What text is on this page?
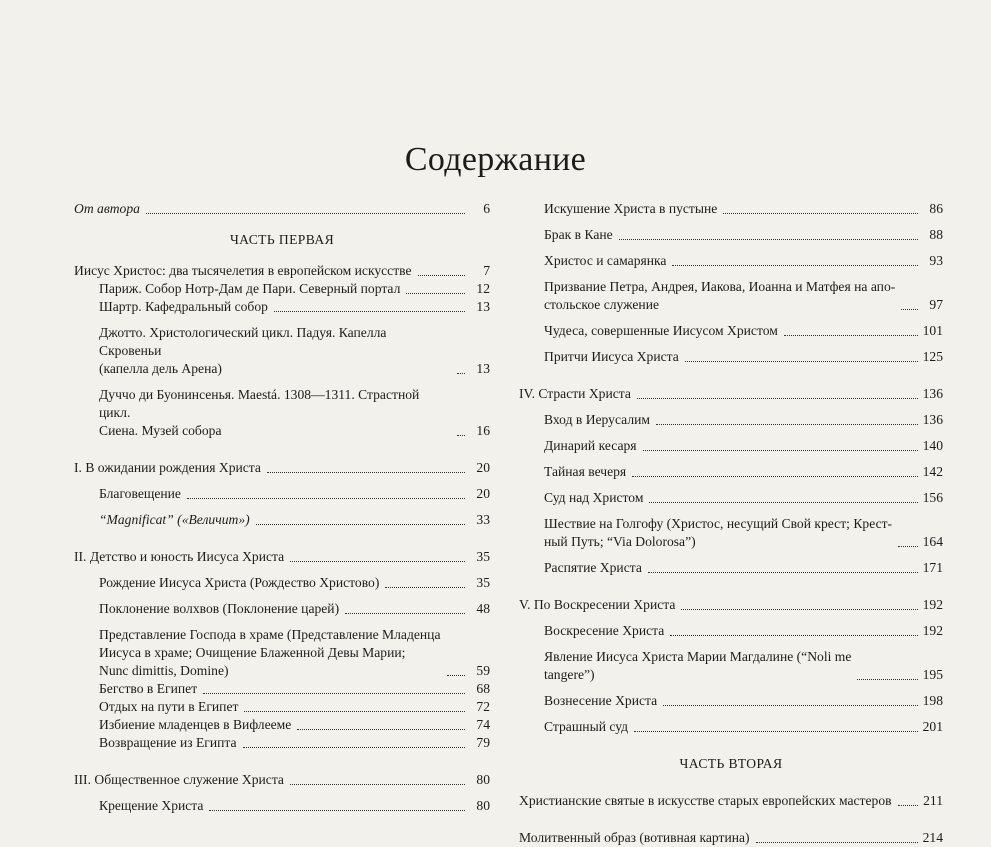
Содержание
От автора	6
ЧАСТЬ ПЕРВАЯ
Иисус Христос: два тысячелетия в европейском искусстве	7
Париж. Собор Нотр-Дам де Пари. Северный портал	12
Шартр. Кафедральный собор	13
Джотто. Христологический цикл. Падуя. Капелла Скровеньи
(капелла дель Арена)	13
Дуччо ди Буонинсенья. Maestá. 1308—1311. Страстной цикл.
Сиена. Музей собора	16
I. В ожидании рождения Христа	20
Благовещение	20
“Magnificat” («Величит»)	33
II. Детство и юность Иисуса Христа	35
Рождение Иисуса Христа (Рождество Христово)	35
Поклонение волхвов (Поклонение царей)	48
Представление Господа в храме (Представление Младенца
Иисуса в храме; Очищение Блаженной Девы Марии;
Nunc dimittis, Domine)	59
Бегство в Египет	68
Отдых на пути в Египет	72
Избиение младенцев в Вифлееме	74
Возвращение из Египта	79
III. Общественное служение Христа	80
Крещение Христа	80
Искушение Христа в пустыне	86
Брак в Кане	88
Христос и самарянка	93
Призвание Петра, Андрея, Иакова, Иоанна и Матфея на апо-
стольское служение	97
Чудеса, совершенные Иисусом Христом	101
Притчи Иисуса Христа	125
IV. Страсти Христа	136
Вход в Иерусалим	136
Динарий кесаря	140
Тайная вечеря	142
Суд над Христом	156
Шествие на Голгофу (Христос, несущий Свой крест; Крест-
ный Путь; “Via Dolorosa”)	164
Распятие Христа	171
V. По Воскресении Христа	192
Воскресение Христа	192
Явление Иисуса Христа Марии Магдалине (“Noli me
tangere”)	195
Вознесение Христа	198
Страшный суд	201
ЧАСТЬ ВТОРАЯ
Христианские святые в искусстве старых европейских мастеров 211
Молитвенный образ (вотивная картина)	214
